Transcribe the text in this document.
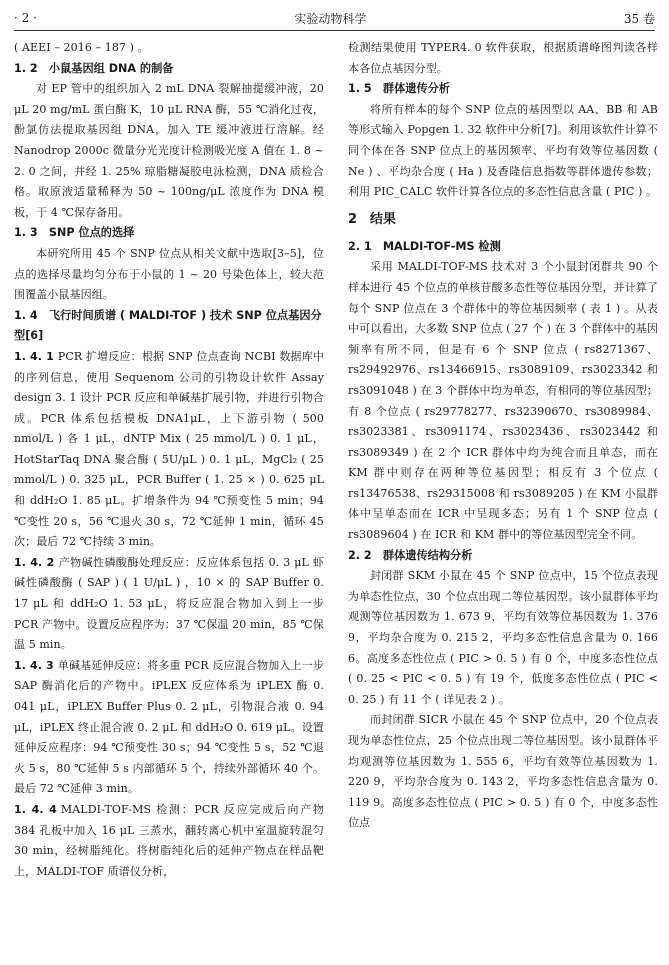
· 2 ·	实验动物科学	35 卷

( AEEI – 2016 – 187 ) 。

1. 2　小鼠基因组 DNA 的制备

对 EP 管中的组织加入 2 mL DNA 裂解抽提缓冲液，20 μL 20 mg/mL 蛋白酶 K，10 μL RNA 酶，55 ℃消化过夜，酚氯仿法提取基因组 DNA，加入 TE 缓冲液进行溶解。经 Nanodrop 2000c 微量分光光度计检测吸光度 A 值在 1. 8 ~ 2. 0 之间，并经 1. 25% 琼脂糖凝胶电泳检测，DNA 质检合格。取原液适量稀释为 50 ~ 100ng/μL 浓度作为 DNA 模板，于 4 ℃保存备用。

1. 3　SNP 位点的选择

本研究所用 45 个 SNP 位点从相关文献中选取[3–5]，位点的选择尽量均匀分布于小鼠的 1 ~ 20 号染色体上，较大范围覆盖小鼠基因组。

1. 4　飞行时间质谱 ( MALDI-TOF ) 技术 SNP 位点基因分型[6]

1. 4. 1 PCR 扩增反应：根据 SNP 位点查询 NCBI 数据库中的序列信息，使用 Sequenom 公司的引物设计软件 Assay design 3. 1 设计 PCR 反应和单碱基扩展引物，并进行引物合成。PCR 体系包括模板 DNA1μL，上下游引物 ( 500 nmol/L ) 各 1 μL，dNTP Mix ( 25 mmol/L ) 0. 1 μL，HotStarTaq DNA 聚合酶 ( 5U/μL ) 0. 1 μL，MgCl₂ ( 25 mmol/L ) 0. 325 μL，PCR Buffer ( 1. 25 × ) 0. 625 μL 和 ddH₂O 1. 85 μL。扩增条件为 94 ℃预变性 5 min；94 ℃变性 20 s，56 ℃退火 30 s，72 ℃延伸 1 min，循环 45 次；最后 72 ℃持续 3 min。

1. 4. 2 产物碱性磷酸酶处理反应：反应体系包括 0. 3 μL 虾碱性磷酸酶 ( SAP ) ( 1 U/μL ) ，10 × 的 SAP Buffer 0. 17 μL 和 ddH₂O 1. 53 μL，将反应混合物加入到上一步 PCR 产物中。设置反应程序为：37 ℃保温 20 min，85 ℃保温 5 min。

1. 4. 3 单碱基延伸反应：将多重 PCR 反应混合物加入上一步 SAP 酶消化后的产物中。iPLEX 反应体系为 iPLEX 酶 0. 041 μL，iPLEX Buffer Plus 0. 2 μL，引物混合液 0. 94 μL，iPLEX 终止混合液 0. 2 μL 和 ddH₂O 0. 619 μL。设置延伸反应程序：94 ℃预变性 30 s；94 ℃变性 5 s，52 ℃退火 5 s，80 ℃延伸 5 s 内部循环 5 个，持续外部循环 40 个。最后 72 ℃延伸 3 min。

1. 4. 4 MALDI-TOF-MS 检测：PCR 反应完成后向产物 384 孔板中加入 16 μL 三蒸水，翻转离心机中室温旋转混匀 30 min，经树脂纯化。将树脂纯化后的延伸产物点在样品靶上，MALDI-TOF 质谱仪分析，

检测结果使用 TYPER4. 0 软件获取，根据质谱峰图判读各样本各位点基因分型。

1. 5　群体遗传分析

将所有样本的每个 SNP 位点的基因型以 AA、BB 和 AB 等形式输入 Popgen 1. 32 软件中分析[7]。利用该软件计算不同个体在各 SNP 位点上的基因频率、平均有效等位基因数 ( Ne ) 、平均杂合度 ( Ha ) 及香隆信息指数等群体遗传参数；利用 PIC_CALC 软件计算各位点的多态性信息含量 ( PIC ) 。

2　结果
2. 1　MALDI-TOF-MS 检测

采用 MALDI-TOF-MS 技术对 3 个小鼠封闭群共 90 个样本进行 45 个位点的单核苷酸多态性等位基因分型，并计算了每个 SNP 位点在 3 个群体中的等位基因频率 ( 表 1 ) 。从表中可以看出，大多数 SNP 位点 ( 27 个 ) 在 3 个群体中的基因频率有所不同，但是有 6 个 SNP 位点 ( rs8271367、rs29492976、rs13466915、rs3089109、rs3023342 和 rs3091048 ) 在 3 个群体中均为单态，有相同的等位基因型；有 8 个位点 ( rs29778277、rs32390670、rs3089984、rs3023381、rs3091174、rs3023436、rs3023442 和 rs3089349 ) 在 2 个 ICR 群体中均为纯合而且单态，而在 KM 群中则存在两种等位基因型；相反有 3 个位点 ( rs13476538、rs29315008 和 rs3089205 ) 在 KM 小鼠群体中呈单态而在 ICR 中呈现多态；另有 1 个 SNP 位点 ( rs3089604 ) 在 ICR 和 KM 群中的等位基因型完全不同。

2. 2　群体遗传结构分析

封闭群 SKM 小鼠在 45 个 SNP 位点中，15 个位点表现为单态性位点，30 个位点出现二等位基因型。该小鼠群体平均观测等位基因数为 1. 673 9，平均有效等位基因数为 1. 376 9，平均杂合度为 0. 215 2，平均多态性信息含量为 0. 166 6。高度多态性位点 ( PIC > 0. 5 ) 有 0 个，中度多态性位点 ( 0. 25 < PIC < 0. 5 ) 有 19 个，低度多态性位点 ( PIC < 0. 25 ) 有 11 个 ( 详见表 2 ) 。

而封闭群 SICR 小鼠在 45 个 SNP 位点中，20 个位点表现为单态性位点，25 个位点出现二等位基因型。该小鼠群体平均观测等位基因数为 1. 555 6，平均有效等位基因数为 1. 220 9，平均杂合度为 0. 143 2，平均多态性信息含量为 0. 119 9。高度多态性位点 ( PIC > 0. 5 ) 有 0 个，中度多态性位点
